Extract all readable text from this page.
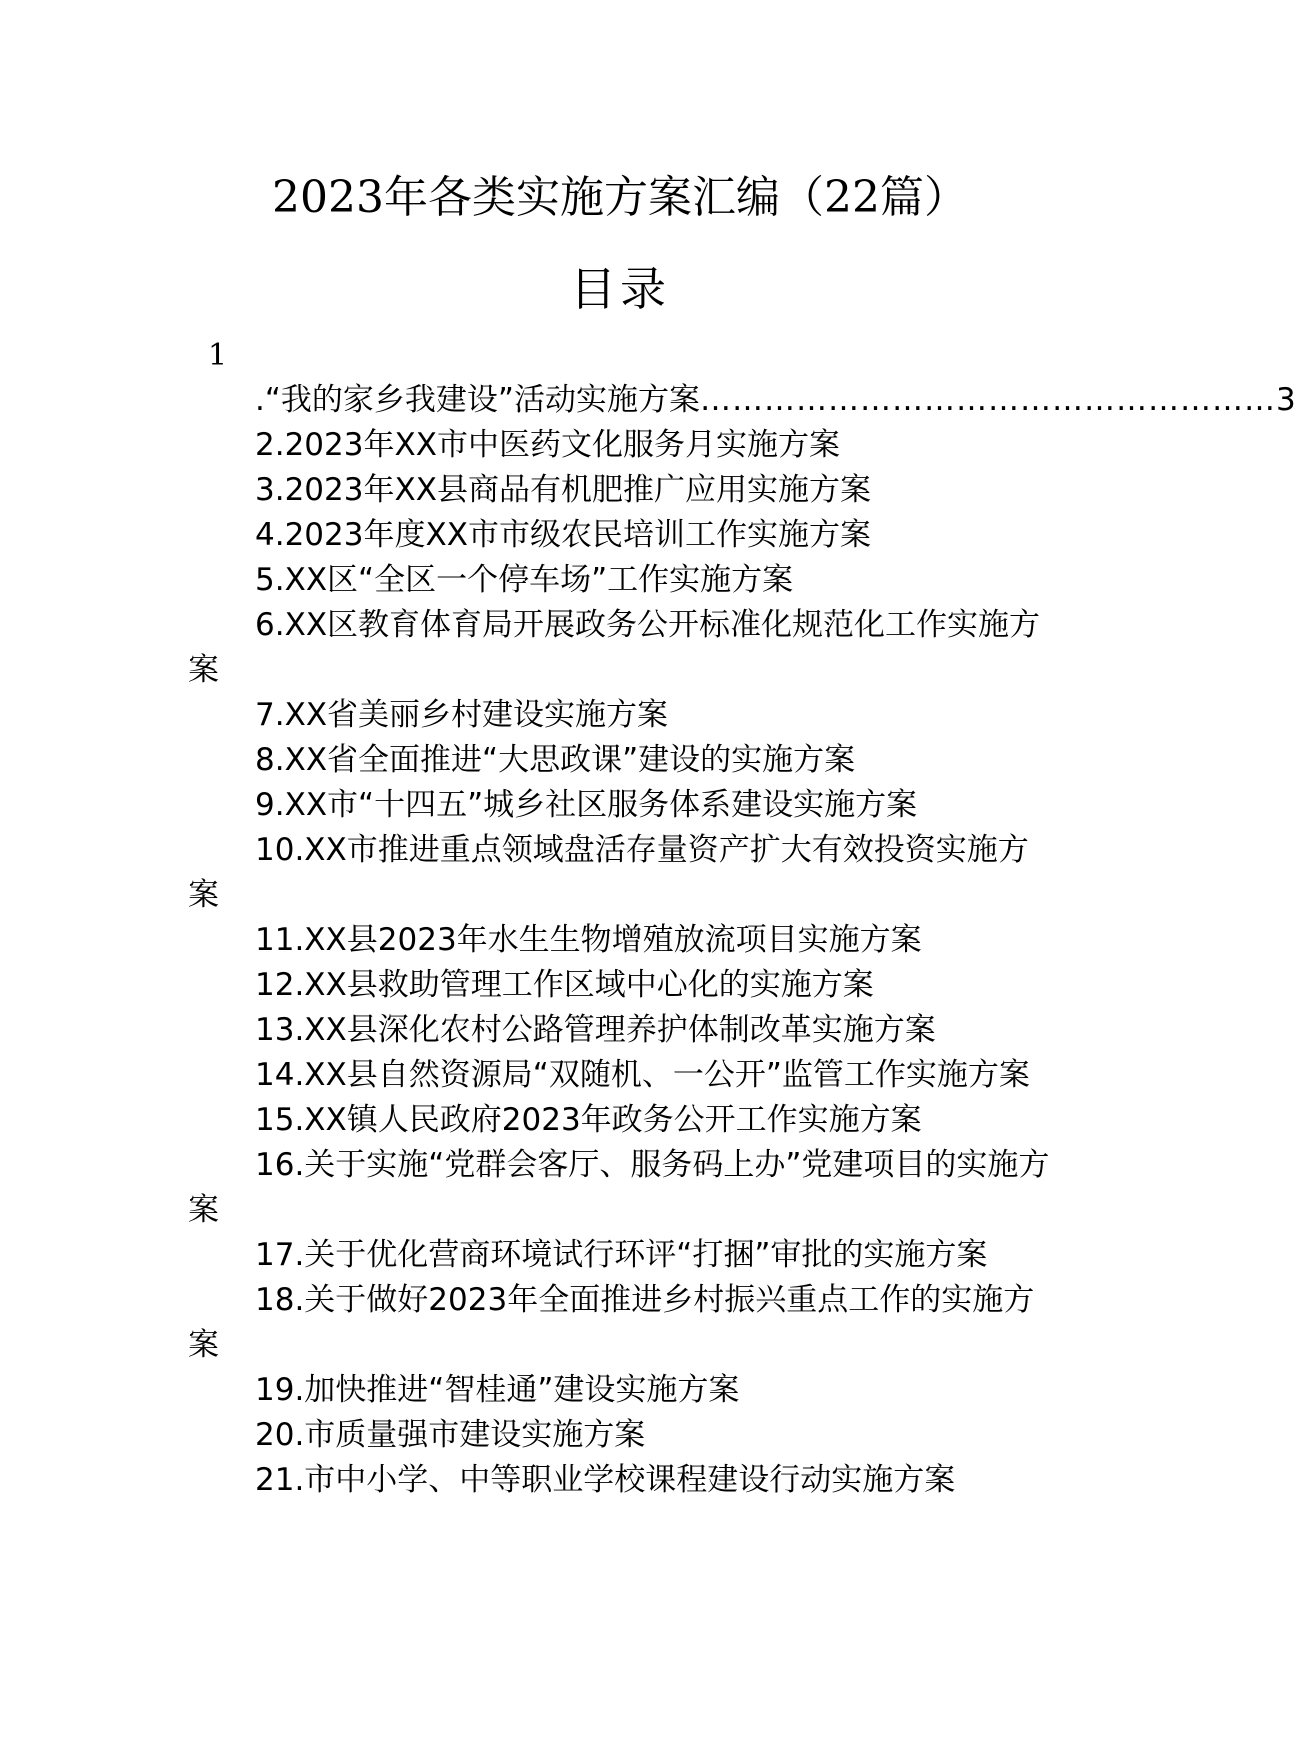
2023年各类实施方案汇编（22篇）
目录
1
.“我的家乡我建设”活动实施方案 ……………………………………………… 3
2.2023年XX市中医药文化服务月实施方案
3.2023年XX县商品有机肥推广应用实施方案
4.2023年度XX市市级农民培训工作实施方案
5.XX区“全区一个停车场”工作实施方案
6.XX区教育体育局开展政务公开标准化规范化工作实施方案
7.XX省美丽乡村建设实施方案
8.XX省全面推进“大思政课”建设的实施方案
9.XX市“十四五”城乡社区服务体系建设实施方案
10.XX市推进重点领域盘活存量资产扩大有效投资实施方案
11.XX县2023年水生生物增殖放流项目实施方案
12.XX县救助管理工作区域中心化的实施方案
13.XX县深化农村公路管理养护体制改革实施方案
14.XX县自然资源局“双随机、一公开”监管工作实施方案
15.XX镇人民政府2023年政务公开工作实施方案
16.关于实施“党群会客厅、服务码上办”党建项目的实施方案
17.关于优化营商环境试行环评“打捆”审批的实施方案
18.关于做好2023年全面推进乡村振兴重点工作的实施方案
19.加快推进“智桂通”建设实施方案
20.市质量强市建设实施方案
21.市中小学、中等职业学校课程建设行动实施方案
